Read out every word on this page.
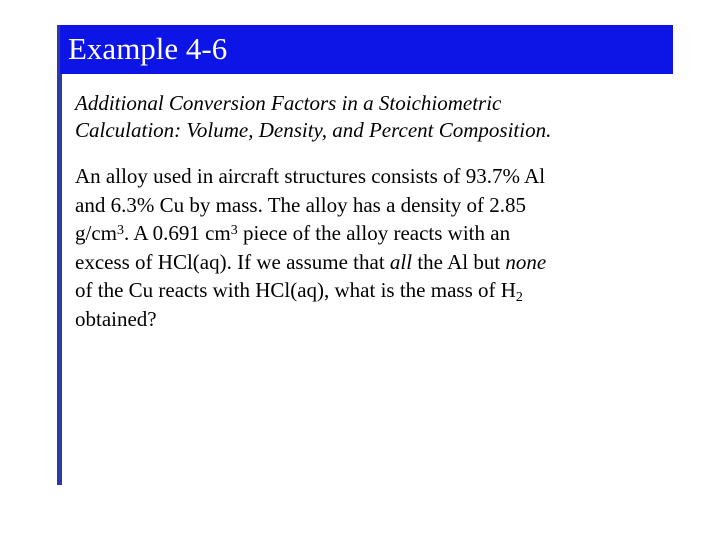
Example 4-6
Additional Conversion Factors in a Stoichiometric
Calculation: Volume, Density, and Percent Composition.
An alloy used in aircraft structures consists of 93.7% Al
and 6.3% Cu by mass. The alloy has a density of 2.85
$g/cm^3$. A 0.691 $cm^3$ piece of the alloy reacts with an
excess of HCl(aq). If we assume that all the Al but none
of the Cu reacts with HCl(aq), what is the mass of $H_2$
obtained?
